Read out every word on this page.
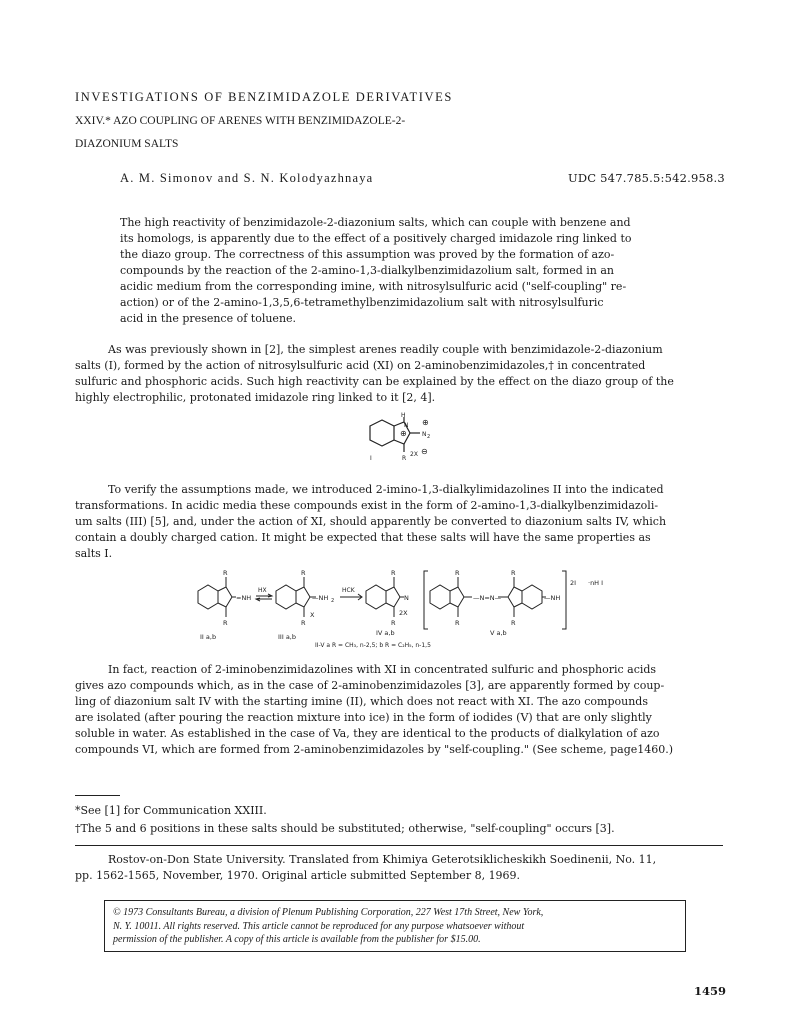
INVESTIGATIONS OF BENZIMIDAZOLE DERIVATIVES
XXIV.* AZO COUPLING OF ARENES WITH BENZIMIDAZOLE-2-
DIAZONIUM SALTS
A. M. Simonov and S. N. Kolodyazhnaya	UDC 547.785.5:542.958.3
The high reactivity of benzimidazole-2-diazonium salts, which can couple with benzene and
its homologs, is apparently due to the effect of a positively charged imidazole ring linked to
the diazo group. The correctness of this assumption was proved by the formation of azo-
compounds by the reaction of the 2-amino-1,3-dialkylbenzimidazolium salt, formed in an
acidic medium from the corresponding imine, with nitrosylsulfuric acid ("self-coupling" re-
action) or of the 2-amino-1,3,5,6-tetramethylbenzimidazolium salt with nitrosylsulfuric
acid in the presence of toluene.
As was previously shown in [2], the simplest arenes readily couple with benzimidazole-2-diazonium
salts (I), formed by the action of nitrosylsulfuric acid (XI) on 2-aminobenzimidazoles,† in concentrated
sulfuric and phosphoric acids. Such high reactivity can be explained by the effect on the diazo group of the
highly electrophilic, protonated imidazole ring linked to it [2, 4].
H
N
⊕
⊕
N 2
2X ⊖
R
I
To verify the assumptions made, we introduced 2-imino-1,3-dialkylimidazolines II into the indicated
transformations. In acidic media these compounds exist in the form of 2-amino-1,3-dialkylbenzimidazoli-
um salts (III) [5], and, under the action of XI, should apparently be converted to diazonium salts IV, which
contain a doubly charged cation. It might be expected that these salts will have the same properties as
salts I.
R
R
=NH
HX
R
R
—NH 2
X
HCK
R
R
N
2X
R
R
—N=N—
R
R
—NH
2I ·nH I
II a,b	III a,b	IV a,b	V a,b
II-V a R = CH₃, n-2,5; b R = C₂H₅, n-1,5
In fact, reaction of 2-iminobenzimidazolines with XI in concentrated sulfuric and phosphoric acids
gives azo compounds which, as in the case of 2-aminobenzimidazoles [3], are apparently formed by coup-
ling of diazonium salt IV with the starting imine (II), which does not react with XI. The azo compounds
are isolated (after pouring the reaction mixture into ice) in the form of iodides (V) that are only slightly
soluble in water. As established in the case of Va, they are identical to the products of dialkylation of azo
compounds VI, which are formed from 2-aminobenzimidazoles by "self-coupling." (See scheme, page1460.)
*See [1] for Communication XXIII.
†The 5 and 6 positions in these salts should be substituted; otherwise, "self-coupling" occurs [3].
Rostov-on-Don State University. Translated from Khimiya Geterotsiklicheskikh Soedinenii, No. 11,
pp. 1562-1565, November, 1970. Original article submitted September 8, 1969.
© 1973 Consultants Bureau, a division of Plenum Publishing Corporation, 227 West 17th Street, New York,
N. Y. 10011. All rights reserved. This article cannot be reproduced for any purpose whatsoever without
permission of the publisher. A copy of this article is available from the publisher for $15.00.
1459
